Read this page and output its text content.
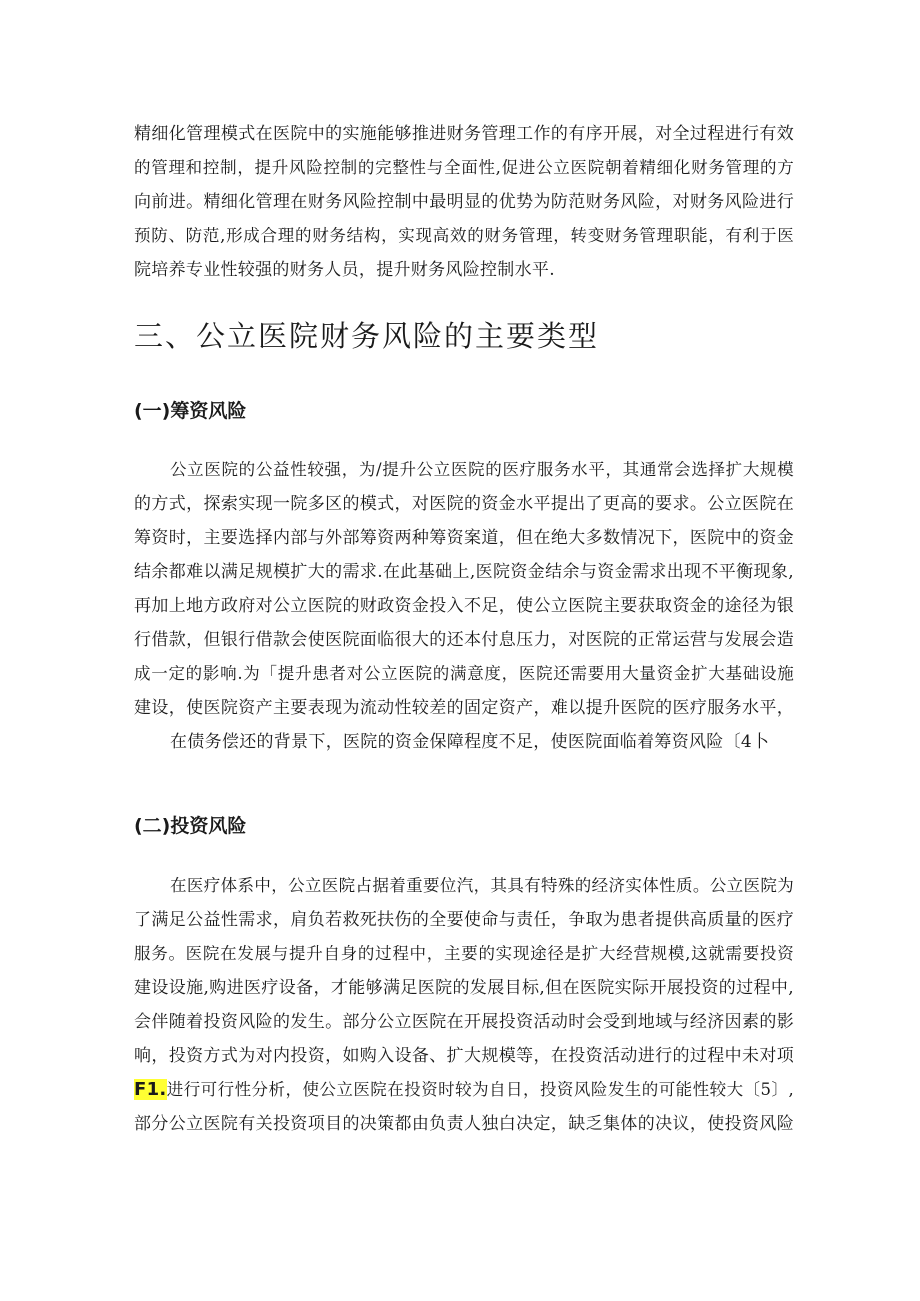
精细化管理模式在医院中的实施能够推进财务管理工作的有序开展，对全过程进行有效
的管理和控制，提升风险控制的完整性与全面性,促进公立医院朝着精细化财务管理的方
向前进。精细化管理在财务风险控制中最明显的优势为防范财务风险，对财务风险进行
预防、防范,形成合理的财务结构，实现高效的财务管理，转变财务管理职能，有利于医
院培养专业性较强的财务人员，提升财务风险控制水平.
三、公立医院财务风险的主要类型
(一)筹资风险
公立医院的公益性较强，为/提升公立医院的医疗服务水平，其通常会选择扩大规模
的方式，探索实现一院多区的模式，对医院的资金水平提出了更高的要求。公立医院在
筹资时，主要选择内部与外部筹资两种筹资案道，但在绝大多数情况下，医院中的资金
结余都难以满足规模扩大的需求.在此基础上,医院资金结余与资金需求出现不平衡现象,
再加上地方政府对公立医院的财政资金投入不足，使公立医院主要获取资金的途径为银
行借款，但银行借款会使医院面临很大的还本付息压力，对医院的正常运营与发展会造
成一定的影响.为「提升患者对公立医院的满意度，医院还需要用大量资金扩大基础设施
建设，使医院资产主要表现为流动性较差的固定资产，难以提升医院的医疗服务水平，
在债务偿还的背景下，医院的资金保障程度不足，使医院面临着筹资风险〔4卜
(二)投资风险
在医疗体系中，公立医院占据着重要位汽，其具有特殊的经济实体性质。公立医院为
了满足公益性需求，肩负若救死扶伤的全要使命与责任，争取为患者提供高质量的医疗
服务。医院在发展与提升自身的过程中，主要的实现途径是扩大经营规模,这就需要投资
建设设施,购进医疗设备，才能够满足医院的发展目标,但在医院实际开展投资的过程中,
会伴随着投资风险的发生。部分公立医院在开展投资活动时会受到地域与经济因素的影
响，投资方式为对内投资，如购入设备、扩大规模等，在投资活动进行的过程中未对项
F1.进行可行性分析，使公立医院在投资时较为自日，投资风险发生的可能性较大〔5〕,
部分公立医院有关投资项目的决策都由负责人独白决定，缺乏集体的决议，使投资风险
